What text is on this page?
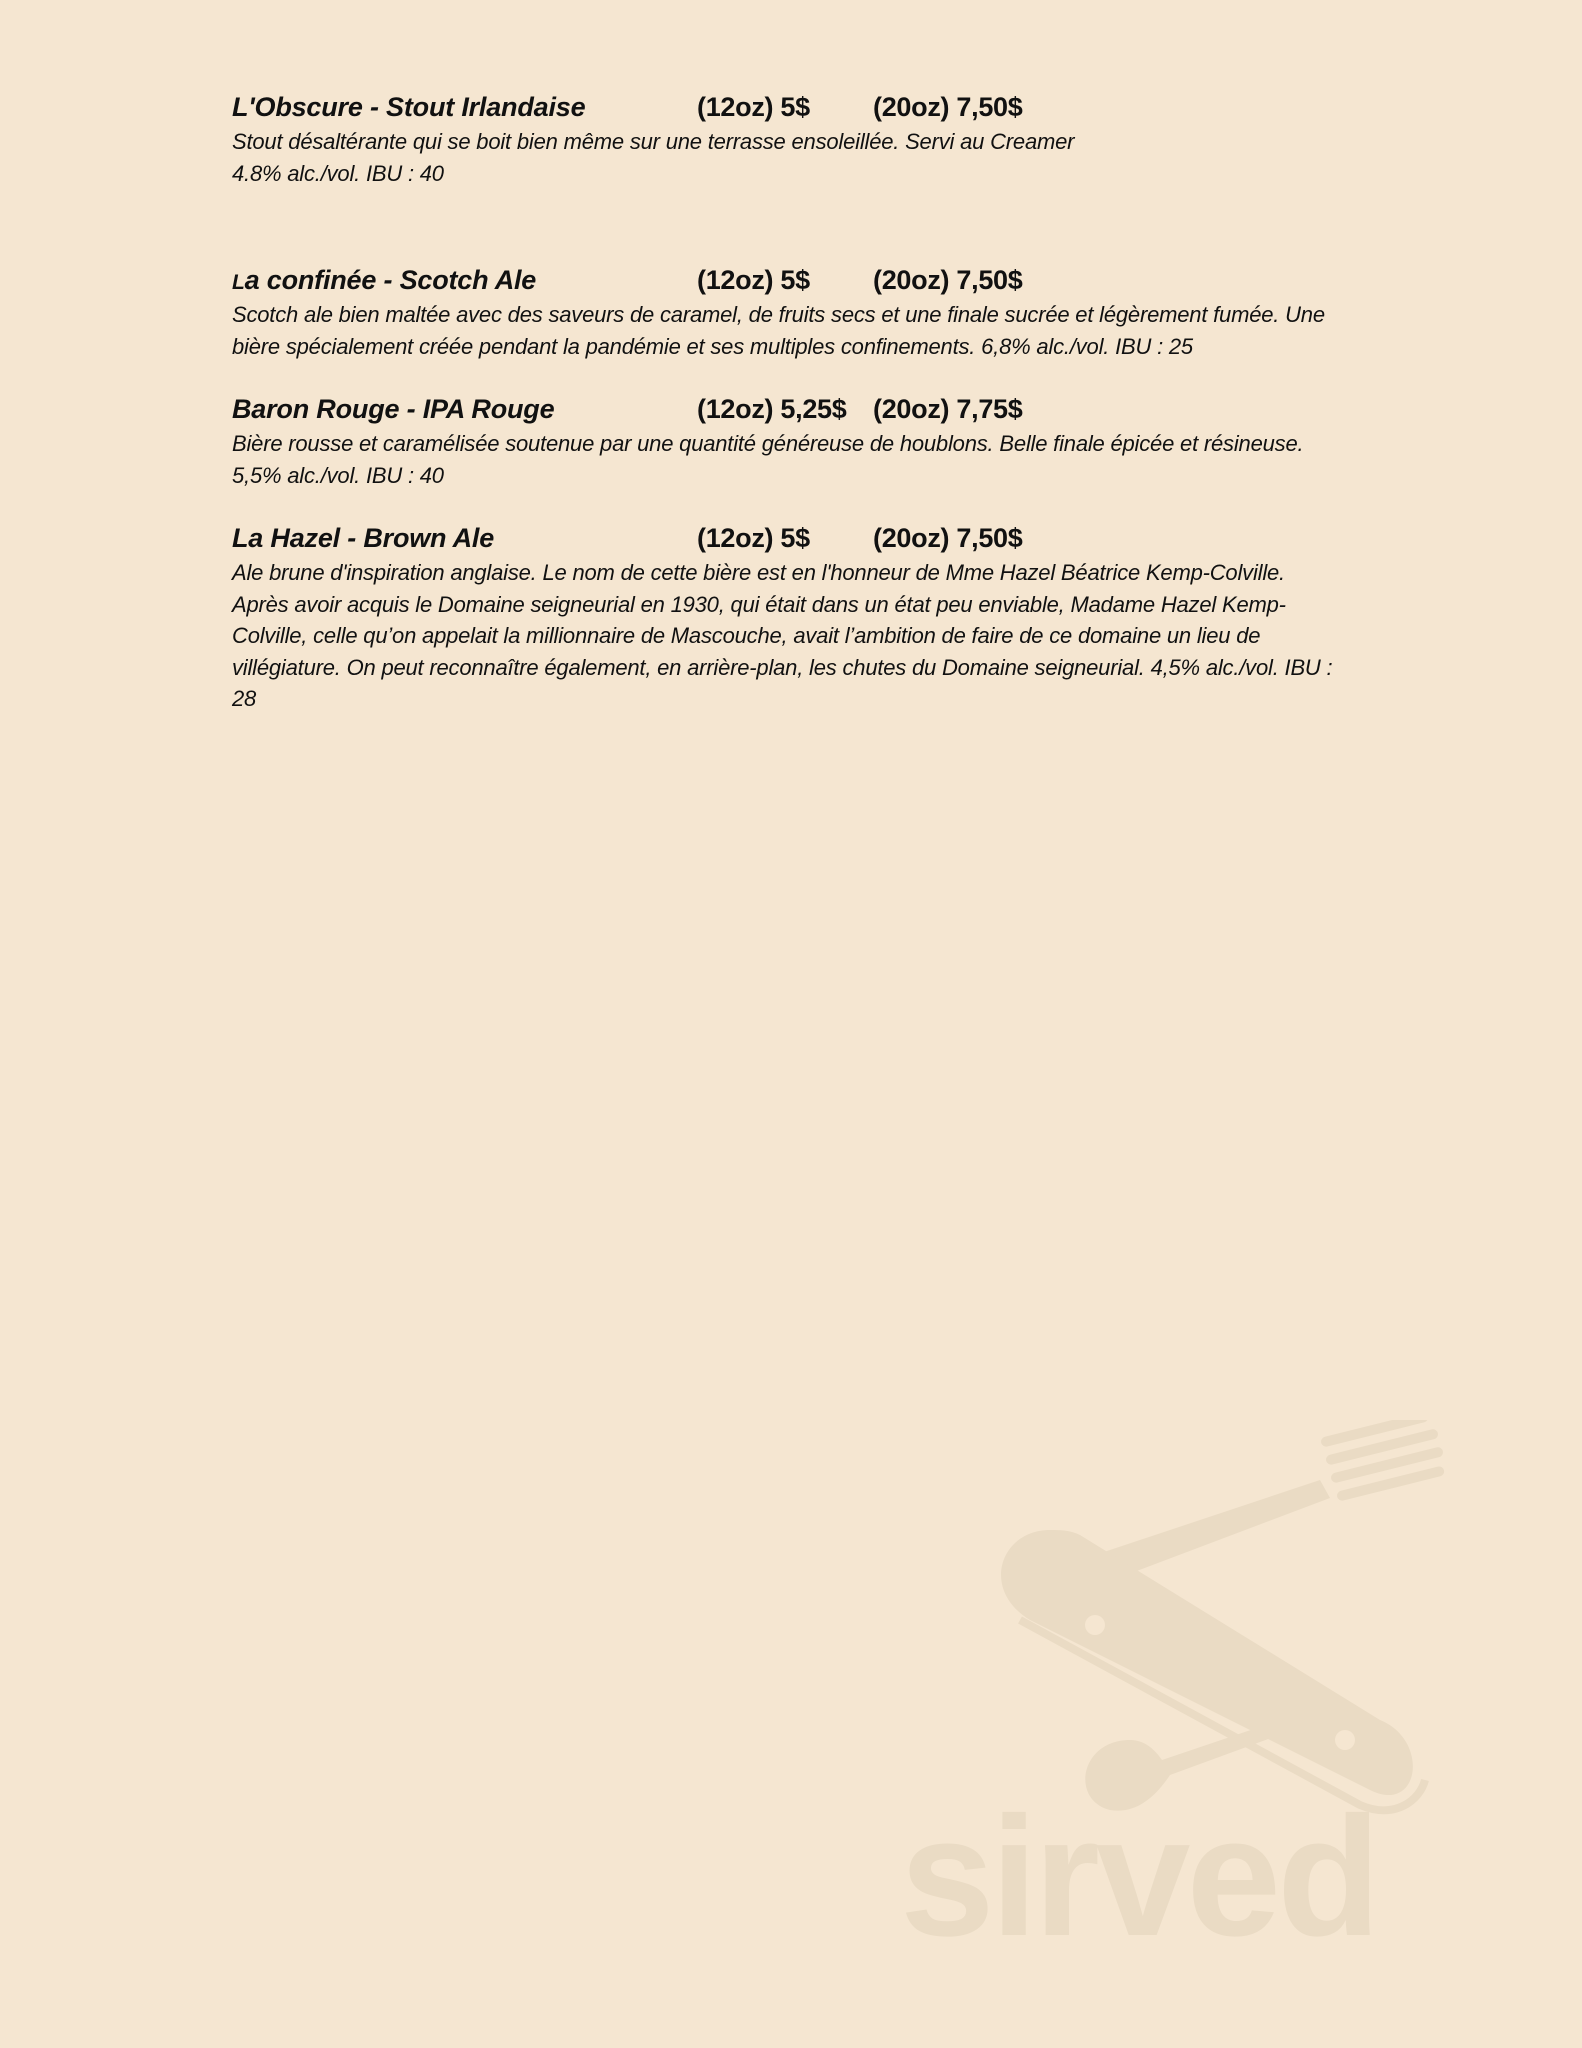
L'Obscure - Stout Irlandaise	(12oz) 5$ (20oz) 7,50$
Stout désaltérante qui se boit bien même sur une terrasse ensoleillée. Servi au Creamer
4.8% alc./vol. IBU : 40
La confinée - Scotch Ale	(12oz) 5$ (20oz) 7,50$
Scotch ale bien maltée avec des saveurs de caramel, de fruits secs et une finale sucrée et légèrement fumée. Une bière spécialement créée pendant la pandémie et ses multiples confinements. 6,8% alc./vol. IBU : 25
Baron Rouge - IPA Rouge	(12oz) 5,25$ (20oz) 7,75$
Bière rousse et caramélisée soutenue par une quantité généreuse de houblons. Belle finale épicée et résineuse. 5,5% alc./vol. IBU : 40
La Hazel - Brown Ale	(12oz) 5$ (20oz) 7,50$
Ale brune d'inspiration anglaise. Le nom de cette bière est en l'honneur de Mme Hazel Béatrice Kemp-Colville. Après avoir acquis le Domaine seigneurial en 1930, qui était dans un état peu enviable, Madame Hazel Kemp-Colville, celle qu’on appelait la millionnaire de Mascouche, avait l’ambition de faire de ce domaine un lieu de villégiature. On peut reconnaître également, en arrière-plan, les chutes du Domaine seigneurial. 4,5% alc./vol. IBU : 28
sirved
